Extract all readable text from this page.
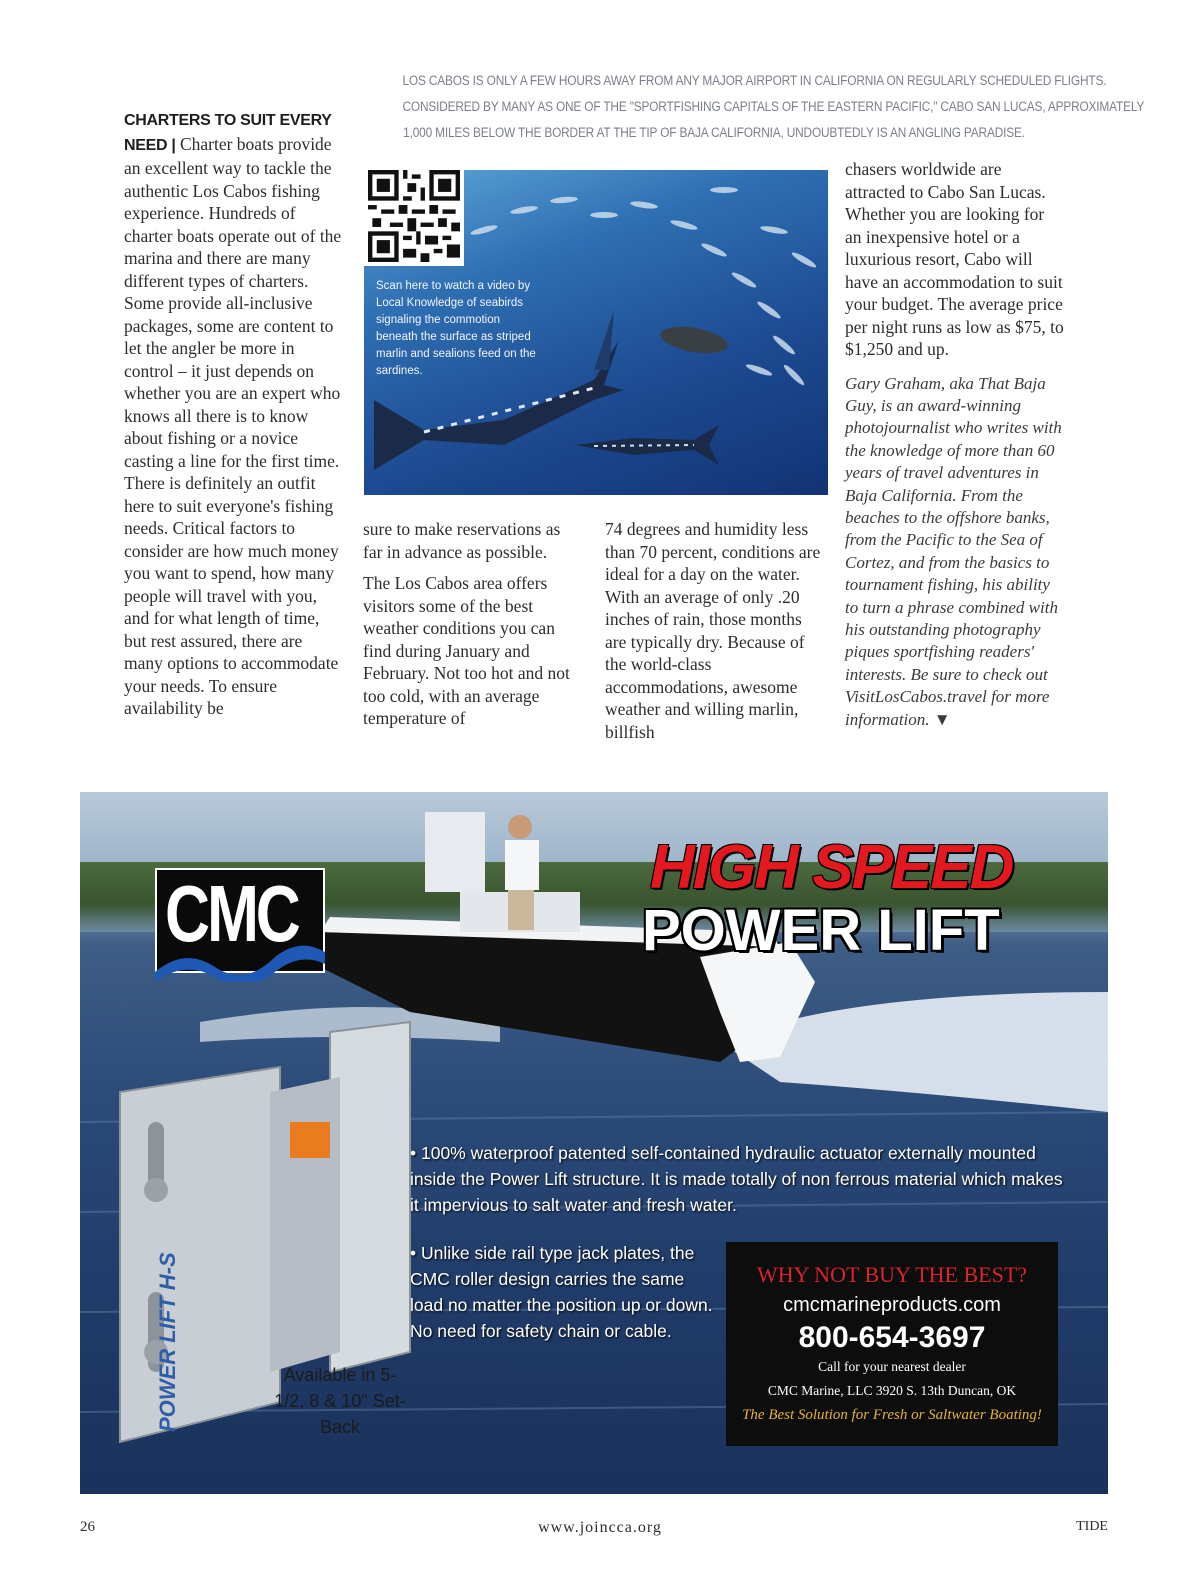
LOS CABOS IS ONLY A FEW HOURS AWAY FROM ANY MAJOR AIRPORT IN CALIFORNIA ON REGULARLY SCHEDULED FLIGHTS.
CONSIDERED BY MANY AS ONE OF THE "SPORTFISHING CAPITALS OF THE EASTERN PACIFIC," CABO SAN LUCAS, APPROXIMATELY
1,000 MILES BELOW THE BORDER AT THE TIP OF BAJA CALIFORNIA, UNDOUBTEDLY IS AN ANGLING PARADISE.

CHARTERS TO SUIT EVERY NEED | Charter boats provide an excellent way to tackle the authentic Los Cabos fishing experience. Hundreds of charter boats operate out of the marina and there are many different types of charters. Some provide all-inclusive packages, some are content to let the angler be more in control – it just depends on whether you are an expert who knows all there is to know about fishing or a novice casting a line for the first time. There is definitely an outfit here to suit everyone's fishing needs. Critical factors to consider are how much money you want to spend, how many people will travel with you, and for what length of time, but rest assured, there are many options to accommodate your needs. To ensure availability be

Scan here to watch a video by Local Knowledge of seabirds signaling the commotion beneath the surface as striped marlin and sealions feed on the sardines.

sure to make reservations as far in advance as possible.

The Los Cabos area offers visitors some of the best weather conditions you can find during January and February. Not too hot and not too cold, with an average temperature of

74 degrees and humidity less than 70 percent, conditions are ideal for a day on the water. With an average of only .20 inches of rain, those months are typically dry. Because of the world-class accommodations, awesome weather and willing marlin, billfish

chasers worldwide are attracted to Cabo San Lucas. Whether you are looking for an inexpensive hotel or a luxurious resort, Cabo will have an accommodation to suit your budget. The average price per night runs as low as $75, to $1,250 and up.

Gary Graham, aka That Baja Guy, is an award-winning photojournalist who writes with the knowledge of more than 60 years of travel adventures in Baja California. From the beaches to the offshore banks, from the Pacific to the Sea of Cortez, and from the basics to tournament fishing, his ability to turn a phrase combined with his outstanding photography piques sportfishing readers' interests. Be sure to check out VisitLosCabos.travel for more information. ▼

POWER LIFT H-S
CMC
HIGH SPEED
POWER LIFT
• 100% waterproof patented self-contained hydraulic actuator externally mounted inside the Power Lift structure. It is made totally of non ferrous material which makes it impervious to salt water and fresh water.
• Unlike side rail type jack plates, the CMC roller design carries the same load no matter the position up or down. No need for safety chain or cable.
Available in 5-1/2, 8 & 10" Set-Back
WHY NOT BUY THE BEST?
cmcmarineproducts.com
800-654-3697
Call for your nearest dealer
CMC Marine, LLC 3920 S. 13th Duncan, OK
The Best Solution for Fresh or Saltwater Boating!
26	www.joincca.org	TIDE
